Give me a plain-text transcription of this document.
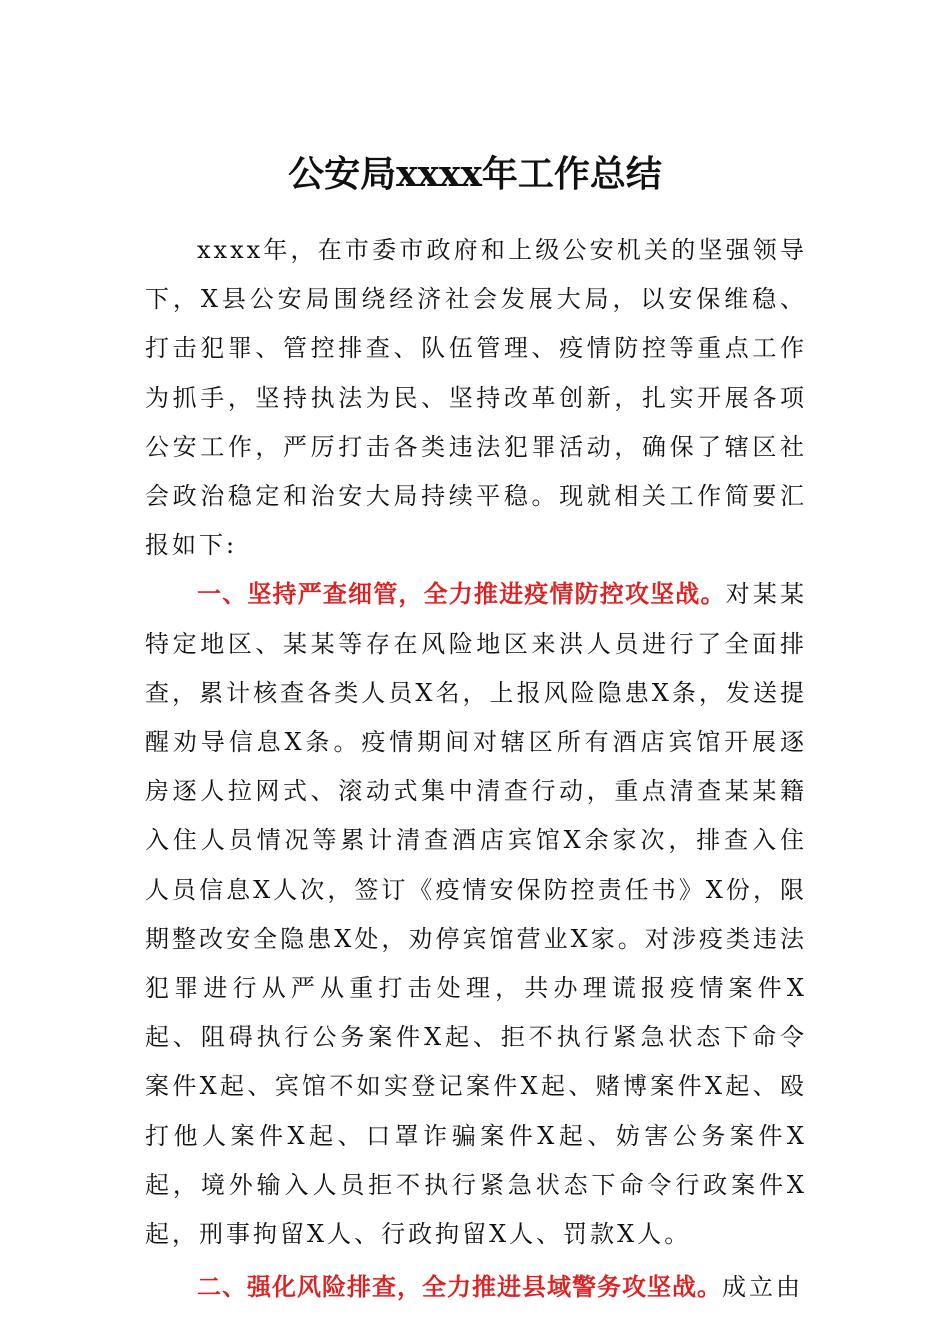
公安局xxxx年工作总结

xxxx年，在市委市政府和上级公安机关的坚强领导下，X县公安局围绕经济社会发展大局，以安保维稳、打击犯罪、管控排查、队伍管理、疫情防控等重点工作为抓手，坚持执法为民、坚持改革创新，扎实开展各项公安工作，严厉打击各类违法犯罪活动，确保了辖区社会政治稳定和治安大局持续平稳。现就相关工作简要汇报如下:

一、坚持严查细管，全力推进疫情防控攻坚战。对某某特定地区、某某等存在风险地区来洪人员进行了全面排查，累计核查各类人员X名，上报风险隐患X条，发送提醒劝导信息X条。疫情期间对辖区所有酒店宾馆开展逐房逐人拉网式、滚动式集中清查行动，重点清查某某籍入住人员情况等累计清查酒店宾馆X余家次，排查入住人员信息X人次，签订《疫情安保防控责任书》X份，限期整改安全隐患X处，劝停宾馆营业X家。对涉疫类违法犯罪进行从严从重打击处理，共办理谎报疫情案件X起、阻碍执行公务案件X起、拒不执行紧急状态下命令案件X起、宾馆不如实登记案件X起、赌博案件X起、殴打他人案件X起、口罩诈骗案件X起、妨害公务案件X起，境外输入人员拒不执行紧急状态下命令行政案件X起，刑事拘留X人、行政拘留X人、罚款X人。

二、强化风险排查，全力推进县域警务攻坚战。成立由
